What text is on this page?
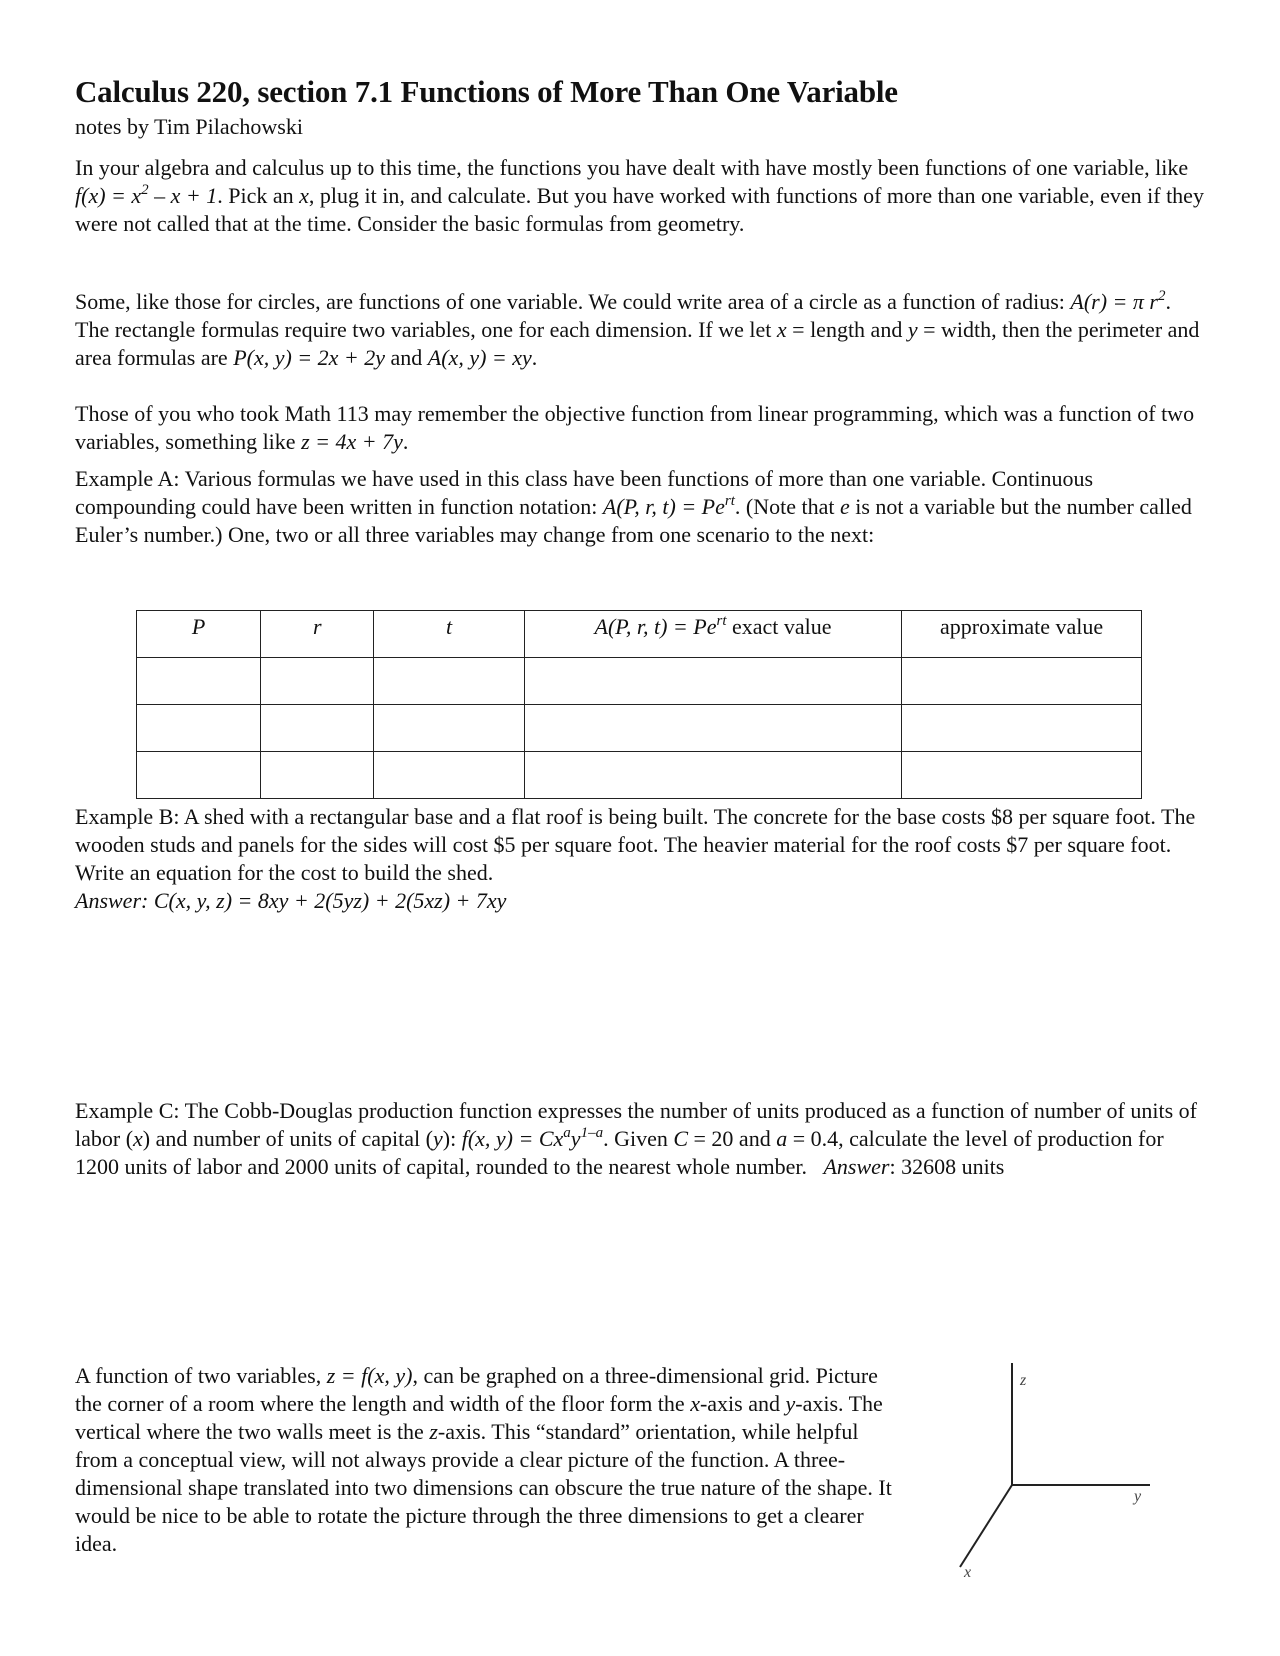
Calculus 220, section 7.1 Functions of More Than One Variable
notes by Tim Pilachowski
In your algebra and calculus up to this time, the functions you have dealt with have mostly been functions of one variable, like $f(x) = x^2 - x + 1$. Pick an x, plug it in, and calculate. But you have worked with functions of more than one variable, even if they were not called that at the time. Consider the basic formulas from geometry.
Some, like those for circles, are functions of one variable. We could write area of a circle as a function of radius: A(r) = π $r^2$. The rectangle formulas require two variables, one for each dimension. If we let x = length and y = width, then the perimeter and area formulas are P(x, y) = 2x + 2y and A(x, y) = xy.
Those of you who took Math 113 may remember the objective function from linear programming, which was a function of two variables, something like z = 4x + 7y.
Example A: Various formulas we have used in this class have been functions of more than one variable. Continuous compounding could have been written in function notation: A(P, r, $t) = Pe^{rt}$. (Note that e is not a variable but the number called Euler’s number.) One, two or all three variables may change from one scenario to the next:
P	r	t	A(P, r, $t) = Pe^{rt}$ exact value	approximate value

Example B: A shed with a rectangular base and a flat roof is being built. The concrete for the base costs $8 per square foot. The wooden studs and panels for the sides will cost $5 per square foot. The heavier material for the roof costs $7 per square foot. Write an equation for the cost to build the shed.
Answer: C(x, y, z) = 8xy + 2(5yz) + 2(5xz) + 7xy
Example C: The Cobb-Douglas production function expresses the number of units produced as a function of number of units of labor (x) and number of units of capital (y): f(x, $y) = Cx^ay^{1-a}$. Given C = 20 and a = 0.4, calculate the level of production for 1200 units of labor and 2000 units of capital, rounded to the nearest whole number. Answer: 32608 units
A function of two variables, z = f(x, y), can be graphed on a three-dimensional grid. Picture the corner of a room where the length and width of the floor form the x-axis and y-axis. The vertical where the two walls meet is the z-axis. This “standard” orientation, while helpful from a conceptual view, will not always provide a clear picture of the function. A three-dimensional shape translated into two dimensions can obscure the true nature of the shape. It would be nice to be able to rotate the picture through the three dimensions to get a clearer idea.
z
y
x
